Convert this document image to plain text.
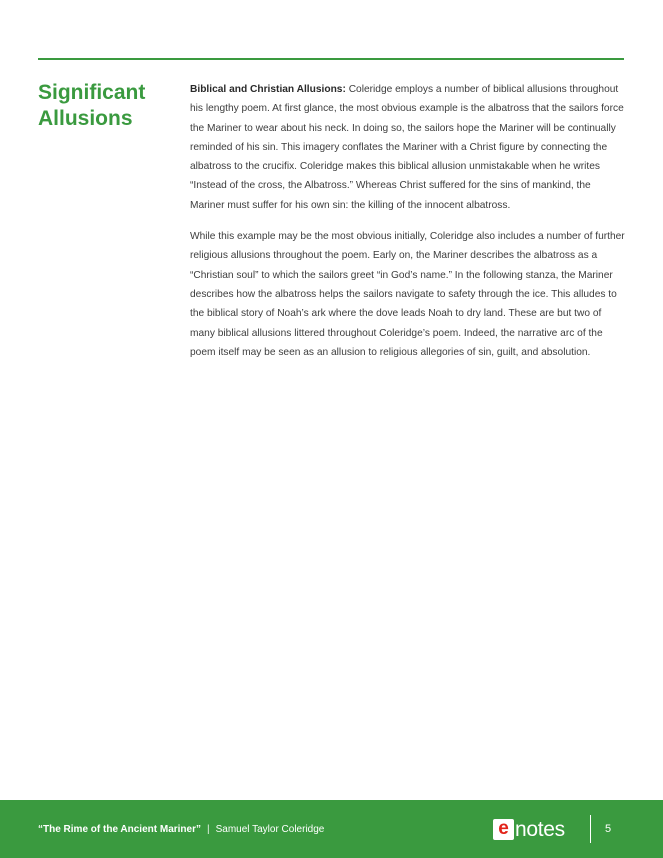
Significant
Allusions

Biblical and Christian Allusions: Coleridge employs a number of biblical allusions throughout his lengthy poem. At first glance, the most obvious example is the albatross that the sailors force the Mariner to wear about his neck. In doing so, the sailors hope the Mariner will be continually reminded of his sin. This imagery conflates the Mariner with a Christ figure by connecting the albatross to the crucifix. Coleridge makes this biblical allusion unmistakable when he writes “Instead of the cross, the Albatross.” Whereas Christ suffered for the sins of mankind, the Mariner must suffer for his own sin: the killing of the innocent albatross.

While this example may be the most obvious initially, Coleridge also includes a number of further religious allusions throughout the poem. Early on, the Mariner describes the albatross as a “Christian soul” to which the sailors greet “in God’s name.” In the following stanza, the Mariner describes how the albatross helps the sailors navigate to safety through the ice. This alludes to the biblical story of Noah’s ark where the dove leads Noah to dry land. These are but two of many biblical allusions littered throughout Coleridge’s poem. Indeed, the narrative arc of the poem itself may be seen as an allusion to religious allegories of sin, guilt, and absolution.

“The Rime of the Ancient Mariner” | Samuel Taylor Coleridge	e notes	5
